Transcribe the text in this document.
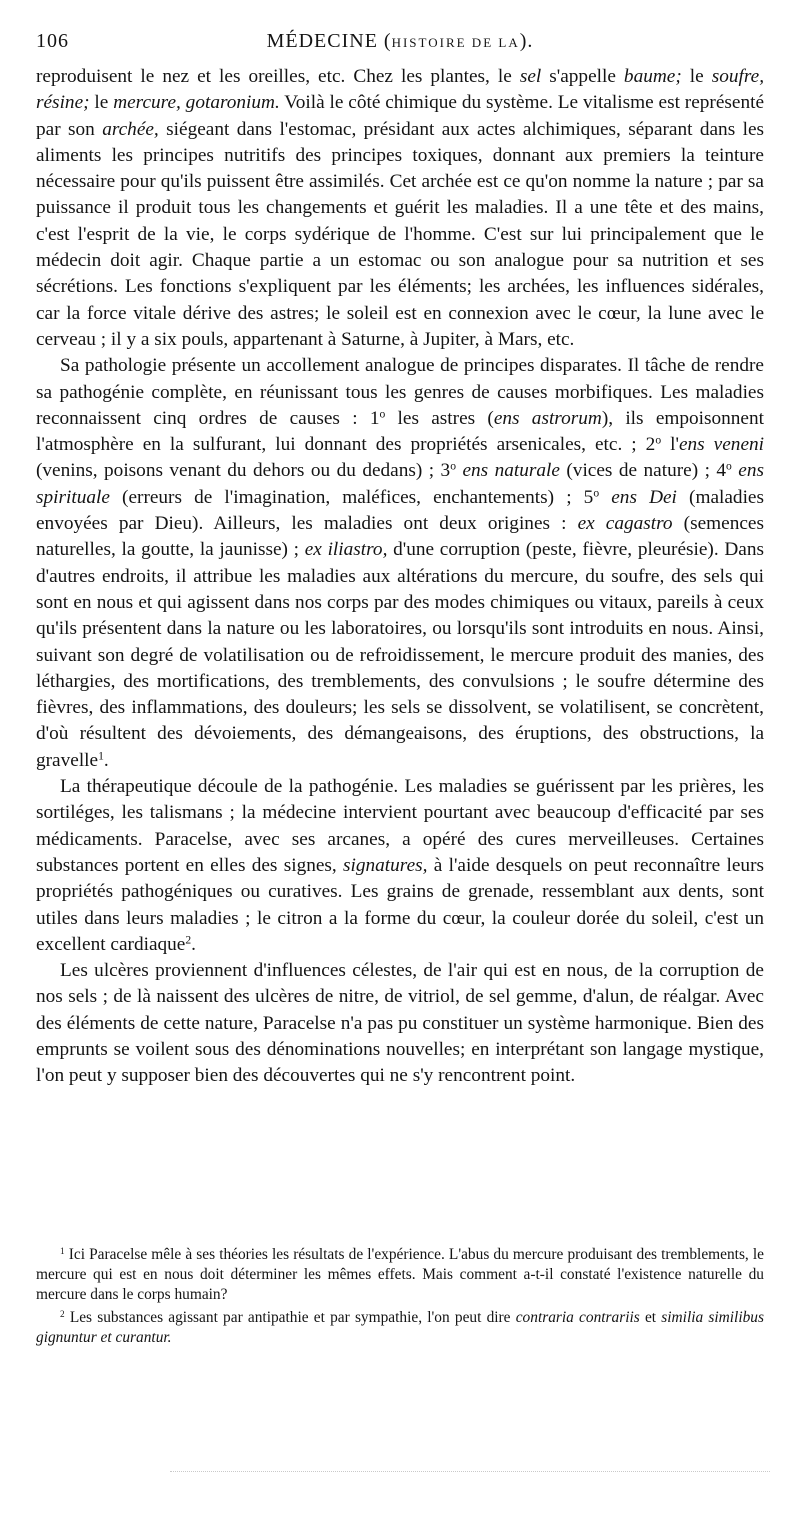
106	MÉDECINE (HISTOIRE DE LA).

reproduisent le nez et les oreilles, etc. Chez les plantes, le sel s'appelle baume; le soufre, résine; le mercure, gotaronium. Voilà le côté chimique du système. Le vitalisme est représenté par son archée, siégeant dans l'estomac, présidant aux actes alchimiques, séparant dans les aliments les principes nutritifs des principes toxiques, donnant aux premiers la teinture nécessaire pour qu'ils puissent être assimilés. Cet archée est ce qu'on nomme la nature ; par sa puissance il produit tous les changements et guérit les maladies. Il a une tête et des mains, c'est l'esprit de la vie, le corps sydérique de l'homme. C'est sur lui principalement que le médecin doit agir. Chaque partie a un estomac ou son analogue pour sa nutrition et ses sécrétions. Les fonctions s'expliquent par les éléments; les archées, les influences sidérales, car la force vitale dérive des astres; le soleil est en connexion avec le cœur, la lune avec le cerveau ; il y a six pouls, appartenant à Saturne, à Jupiter, à Mars, etc.

Sa pathologie présente un accollement analogue de principes disparates. Il tâche de rendre sa pathogénie complète, en réunissant tous les genres de causes morbifiques. Les maladies reconnaissent cinq ordres de causes : 1$^o$ les astres (ens astrorum), ils empoisonnent l'atmosphère en la sulfurant, lui donnant des propriétés arsenicales, etc. ; 2$^o$ l'ens veneni (venins, poisons venant du dehors ou du dedans) ; 3$^o$ ens naturale (vices de nature) ; 4$^o$ ens spirituale (erreurs de l'imagination, maléfices, enchantements) ; 5$^o$ ens Dei (maladies envoyées par Dieu). Ailleurs, les maladies ont deux origines : ex cagastro (semences naturelles, la goutte, la jaunisse) ; ex iliastro, d'une corruption (peste, fièvre, pleurésie). Dans d'autres endroits, il attribue les maladies aux altérations du mercure, du soufre, des sels qui sont en nous et qui agissent dans nos corps par des modes chimiques ou vitaux, pareils à ceux qu'ils présentent dans la nature ou les laboratoires, ou lorsqu'ils sont introduits en nous. Ainsi, suivant son degré de volatilisation ou de refroidissement, le mercure produit des manies, des léthargies, des mortifications, des tremblements, des convulsions ; le soufre détermine des fièvres, des inflammations, des douleurs; les sels se dissolvent, se volatilisent, se concrètent, d'où résultent des dévoiements, des démangeaisons, des éruptions, des obstructions, la gravelle$^1$.

La thérapeutique découle de la pathogénie. Les maladies se guérissent par les prières, les sortiléges, les talismans ; la médecine intervient pourtant avec beaucoup d'efficacité par ses médicaments. Paracelse, avec ses arcanes, a opéré des cures merveilleuses. Certaines substances portent en elles des signes, signatures, à l'aide desquels on peut reconnaître leurs propriétés pathogéniques ou curatives. Les grains de grenade, ressemblant aux dents, sont utiles dans leurs maladies ; le citron a la forme du cœur, la couleur dorée du soleil, c'est un excellent cardiaque$^2$.

Les ulcères proviennent d'influences célestes, de l'air qui est en nous, de la corruption de nos sels ; de là naissent des ulcères de nitre, de vitriol, de sel gemme, d'alun, de réalgar. Avec des éléments de cette nature, Paracelse n'a pas pu constituer un système harmonique. Bien des emprunts se voilent sous des dénominations nouvelles; en interprétant son langage mystique, l'on peut y supposer bien des découvertes qui ne s'y rencontrent point.

$^1$ Ici Paracelse mêle à ses théories les résultats de l'expérience. L'abus du mercure produisant des tremblements, le mercure qui est en nous doit déterminer les mêmes effets. Mais comment a-t-il constaté l'existence naturelle du mercure dans le corps humain?

$^2$ Les substances agissant par antipathie et par sympathie, l'on peut dire contraria contrariis et similia similibus gignuntur et curantur.
